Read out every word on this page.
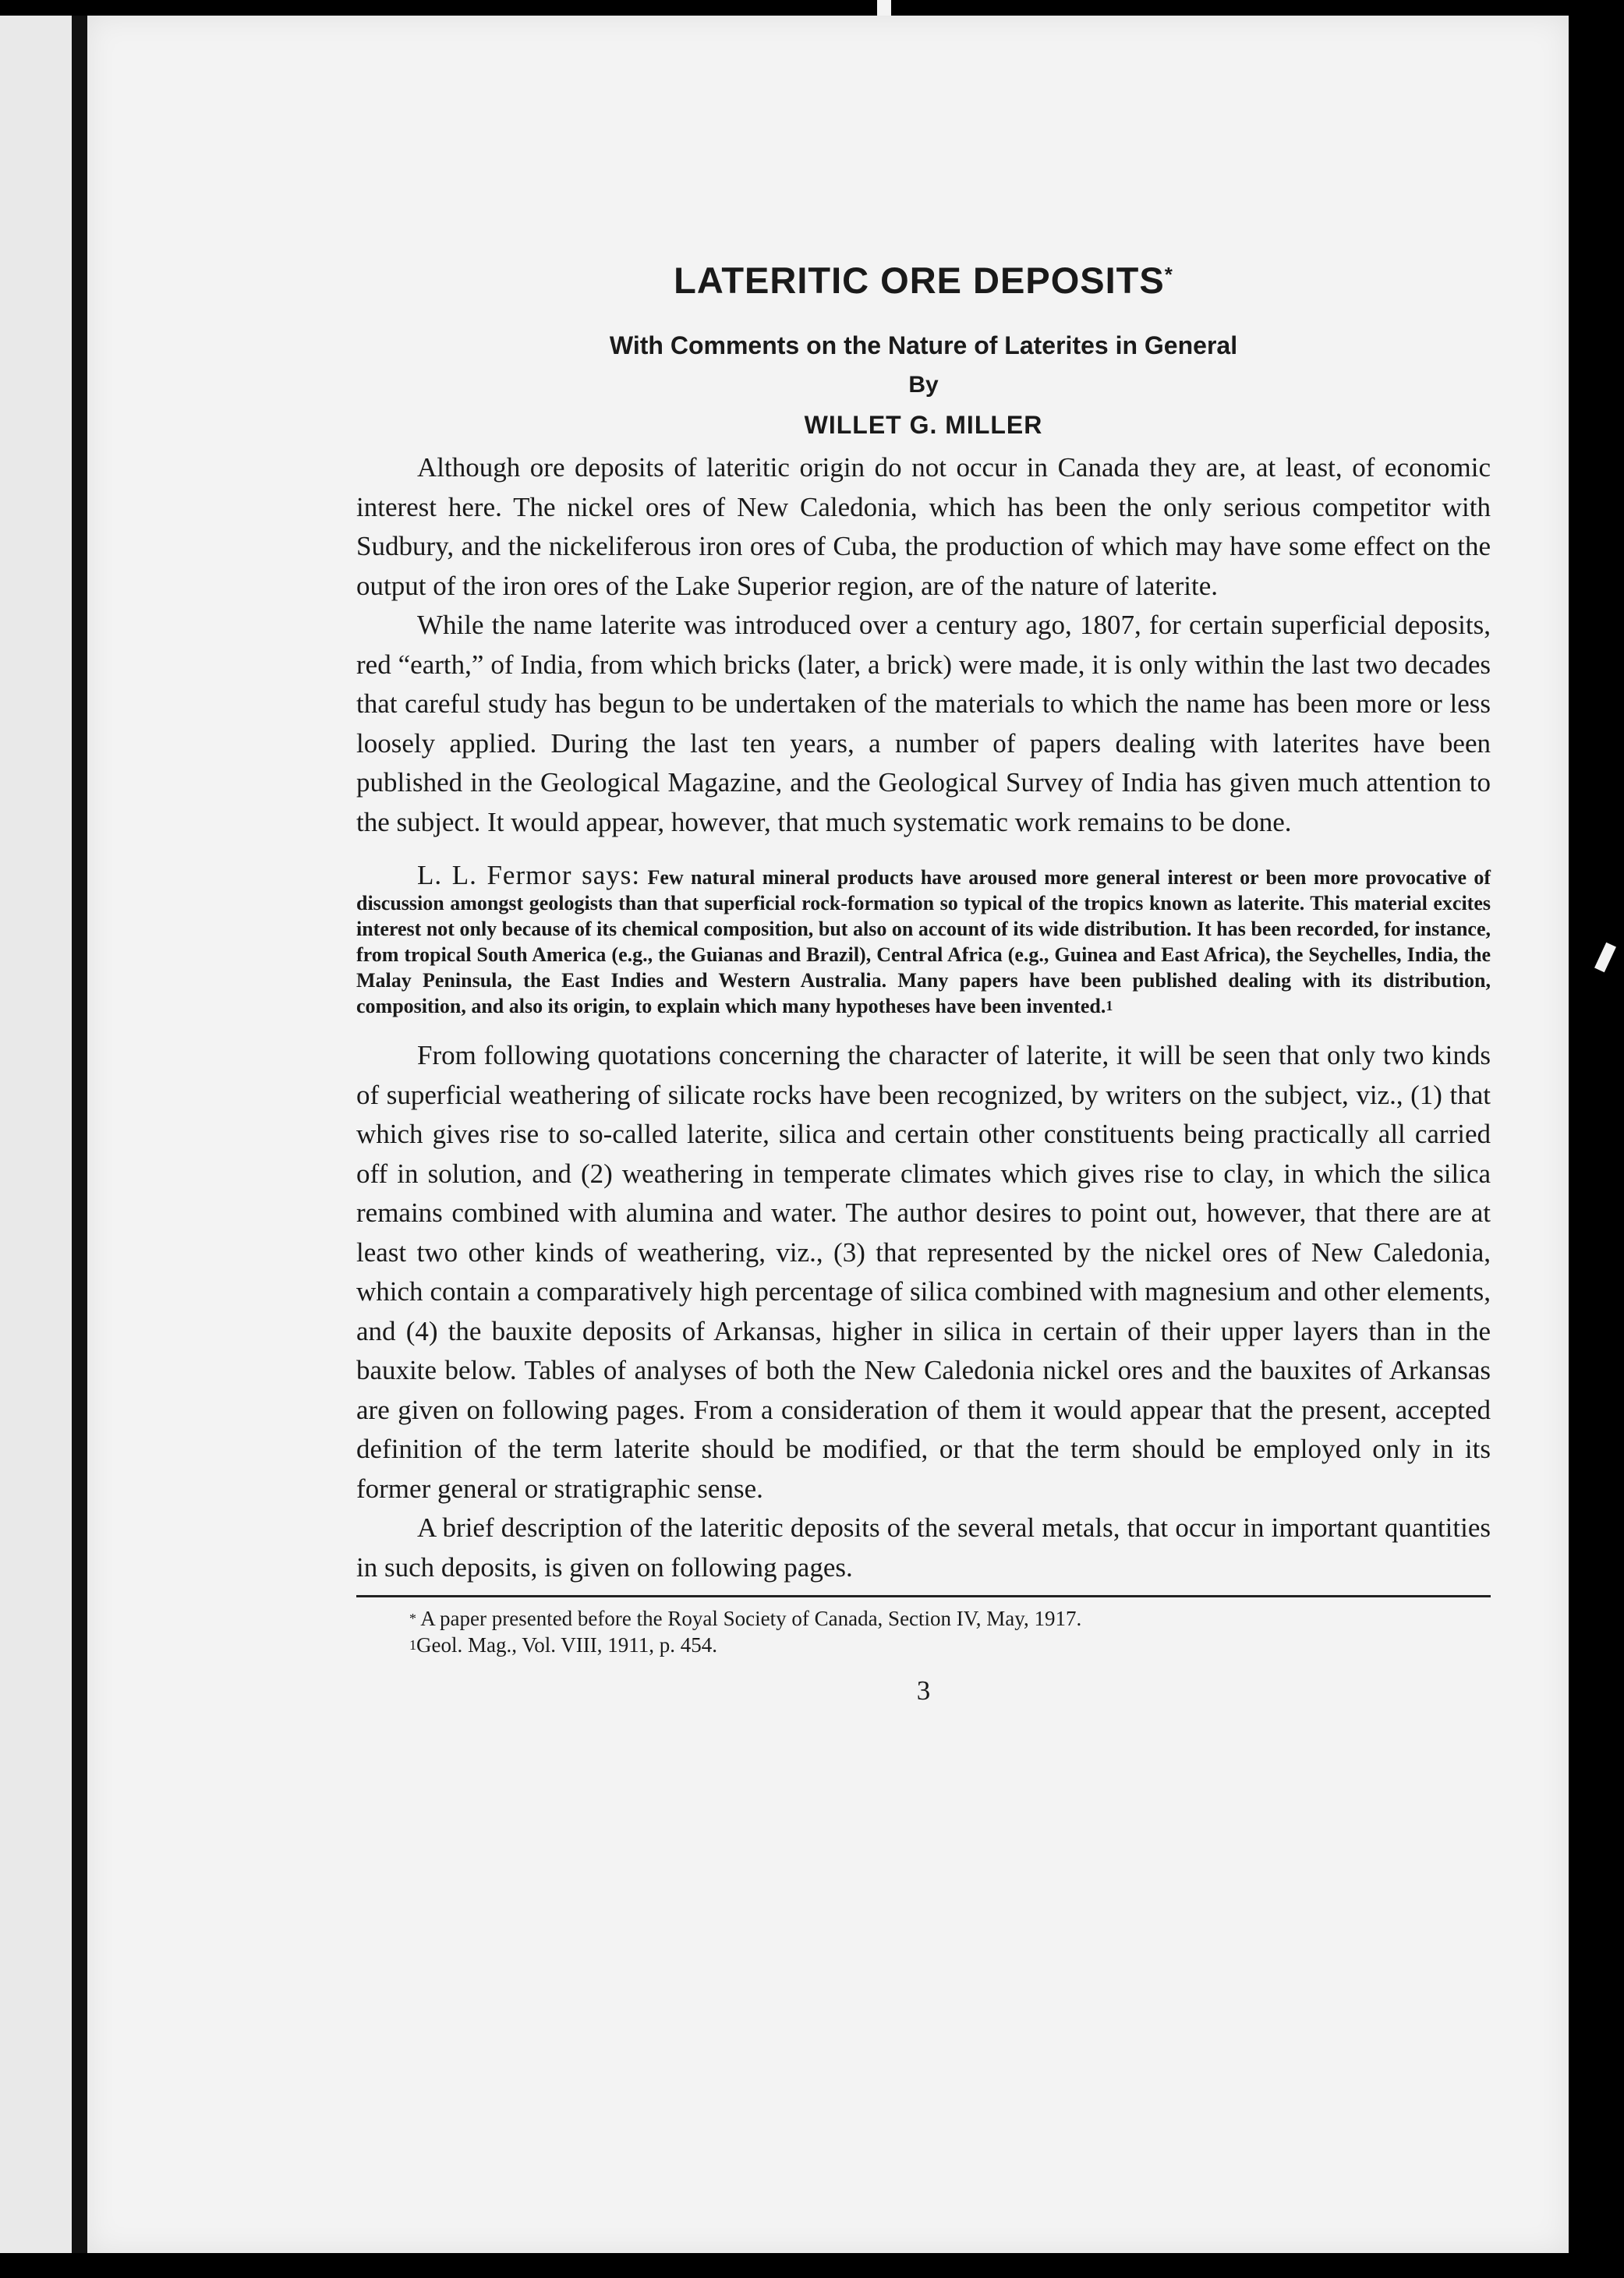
LATERITIC ORE DEPOSITS*

With Comments on the Nature of Laterites in General

By

WILLET G. MILLER

Although ore deposits of lateritic origin do not occur in Canada they are, at least, of economic interest here. The nickel ores of New Caledonia, which has been the only serious competitor with Sudbury, and the nickeliferous iron ores of Cuba, the production of which may have some effect on the output of the iron ores of the Lake Superior region, are of the nature of laterite.

While the name laterite was introduced over a century ago, 1807, for certain superficial deposits, red “earth,” of India, from which bricks (later, a brick) were made, it is only within the last two decades that careful study has begun to be undertaken of the materials to which the name has been more or less loosely applied. During the last ten years, a number of papers dealing with laterites have been published in the Geological Magazine, and the Geological Survey of India has given much attention to the subject. It would appear, however, that much systematic work remains to be done.

L. L. Fermor says: Few natural mineral products have aroused more general interest or been more provocative of discussion amongst geologists than that superficial rock-formation so typical of the tropics known as laterite. This material excites interest not only because of its chemical composition, but also on account of its wide distribution. It has been recorded, for instance, from tropical South America (e.g., the Guianas and Brazil), Central Africa (e.g., Guinea and East Africa), the Seychelles, India, the Malay Peninsula, the East Indies and Western Australia. Many papers have been published dealing with its distribution, composition, and also its origin, to explain which many hypotheses have been invented.$^1$

From following quotations concerning the character of laterite, it will be seen that only two kinds of superficial weathering of silicate rocks have been recognized, by writers on the subject, viz., (1) that which gives rise to so-called laterite, silica and certain other constituents being practically all carried off in solution, and (2) weathering in temperate climates which gives rise to clay, in which the silica remains combined with alumina and water. The author desires to point out, however, that there are at least two other kinds of weathering, viz., (3) that represented by the nickel ores of New Caledonia, which contain a comparatively high percentage of silica combined with magnesium and other elements, and (4) the bauxite deposits of Arkansas, higher in silica in certain of their upper layers than in the bauxite below. Tables of analyses of both the New Caledonia nickel ores and the bauxites of Arkansas are given on following pages. From a consideration of them it would appear that the present, accepted definition of the term laterite should be modified, or that the term should be employed only in its former general or stratigraphic sense.

A brief description of the lateritic deposits of the several metals, that occur in important quantities in such deposits, is given on following pages.

* A paper presented before the Royal Society of Canada, Section IV, May, 1917.

$^1$Geol. Mag., Vol. VIII, 1911, p. 454.

3
